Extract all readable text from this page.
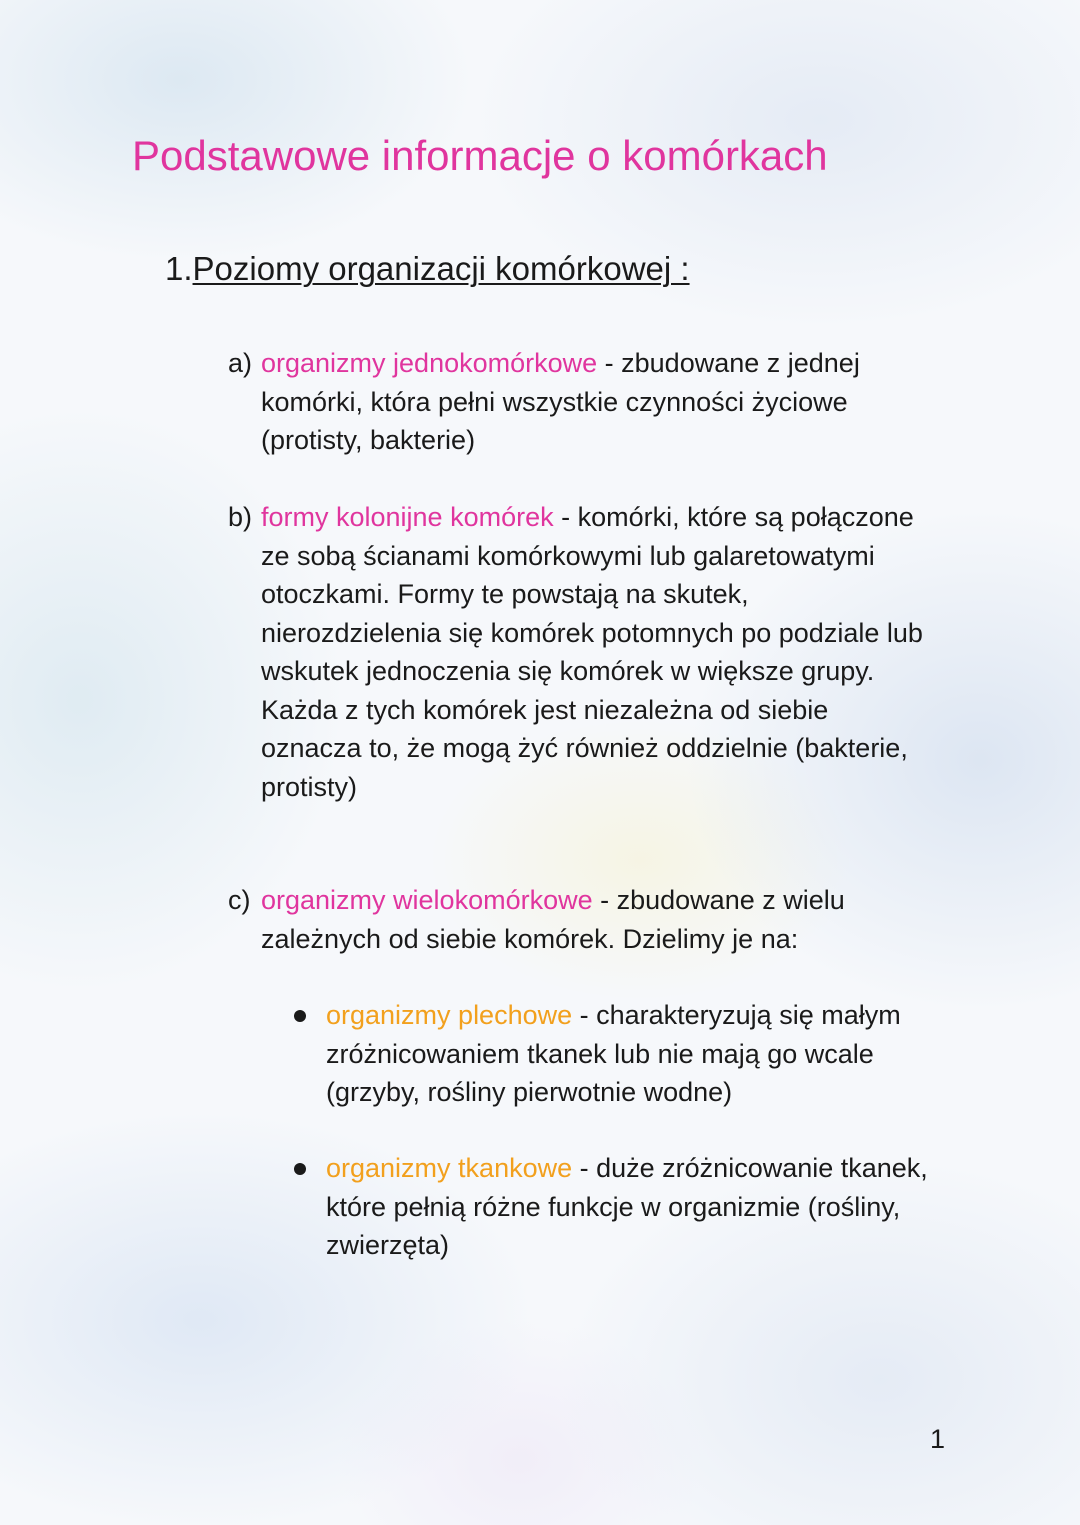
Podstawowe informacje o komórkach
1.Poziomy organizacji komórkowej :
a) organizmy jednokomórkowe - zbudowane z jednej komórki, która pełni wszystkie czynności życiowe (protisty, bakterie)
b) formy kolonijne komórek - komórki, które są połączone ze sobą ścianami komórkowymi lub galaretowatymi otoczkami. Formy te powstają na skutek, nierozdzielenia się komórek potomnych po podziale lub wskutek jednoczenia się komórek w większe grupy.
Każda z tych komórek jest niezależna od siebie oznacza to, że mogą żyć również oddzielnie (bakterie, protisty)
c) organizmy wielokomórkowe - zbudowane z wielu zależnych od siebie komórek. Dzielimy je na:
organizmy plechowe - charakteryzują się małym zróżnicowaniem tkanek lub nie mają go wcale (grzyby, rośliny pierwotnie wodne)
organizmy tkankowe - duże zróżnicowanie tkanek, które pełnią różne funkcje w organizmie (rośliny, zwierzęta)
1
